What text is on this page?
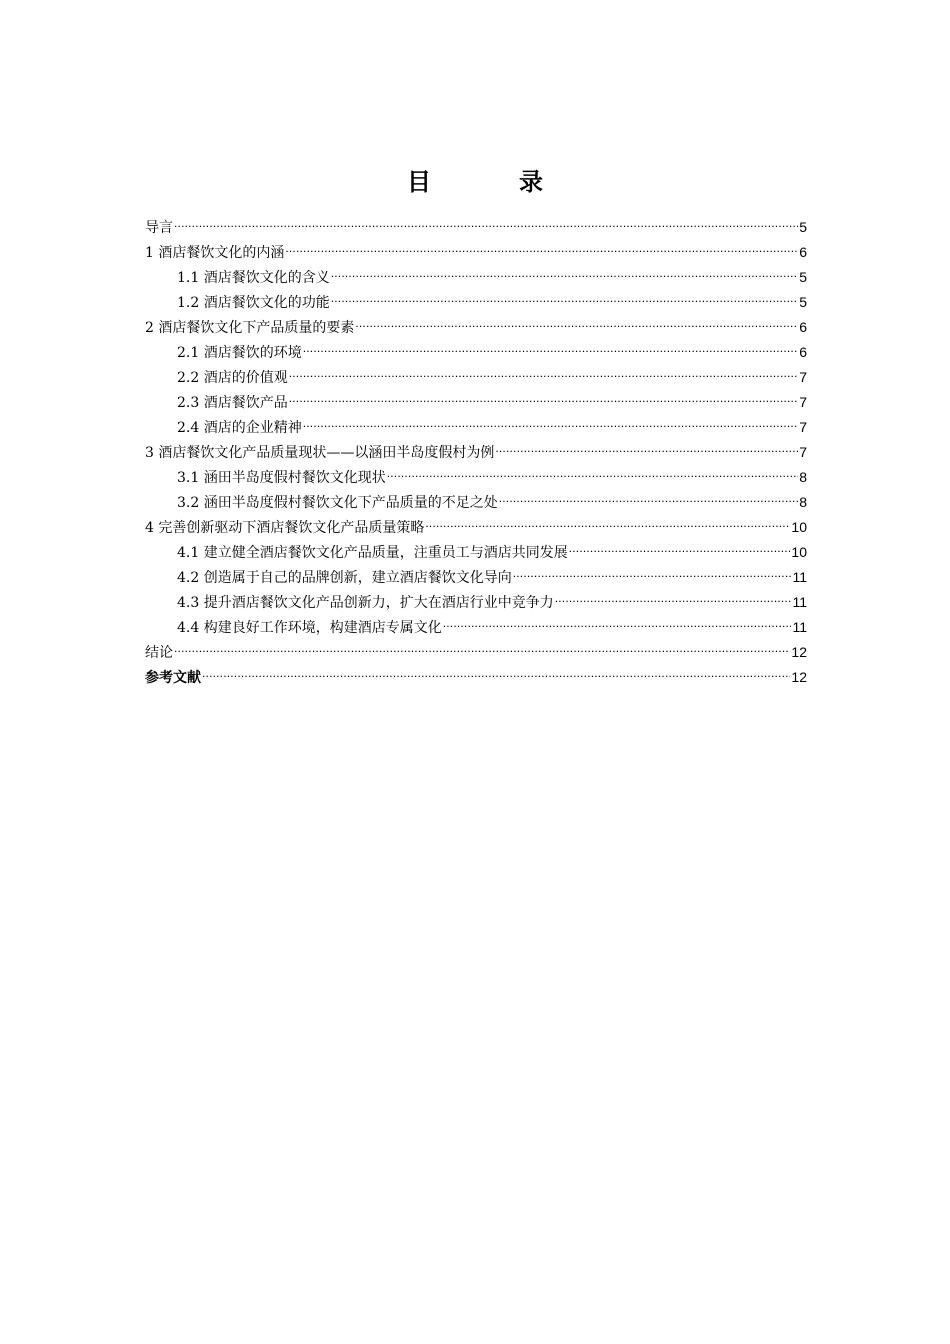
目录
导言 .....	5
1 酒店餐饮文化的内涵 .....	6
1.1 酒店餐饮文化的含义 .....	5
1.2 酒店餐饮文化的功能 .....	5
2 酒店餐饮文化下产品质量的要素 .....	6
2.1 酒店餐饮的环境 .....	6
2.2 酒店的价值观 .....	7
2.3 酒店餐饮产品 .....	7
2.4 酒店的企业精神 .....	7
3 酒店餐饮文化产品质量现状——以涵田半岛度假村为例 .....	7
3.1 涵田半岛度假村餐饮文化现状 .....	8
3.2 涵田半岛度假村餐饮文化下产品质量的不足之处 .....	8
4 完善创新驱动下酒店餐饮文化产品质量策略 .....	10
4.1 建立健全酒店餐饮文化产品质量，注重员工与酒店共同发展 .....	10
4.2 创造属于自己的品牌创新，建立酒店餐饮文化导向 .....	11
4.3 提升酒店餐饮文化产品创新力，扩大在酒店行业中竞争力 .....	11
4.4 构建良好工作环境，构建酒店专属文化 .....	11
结论 .....	12
参考文献 .....	12
